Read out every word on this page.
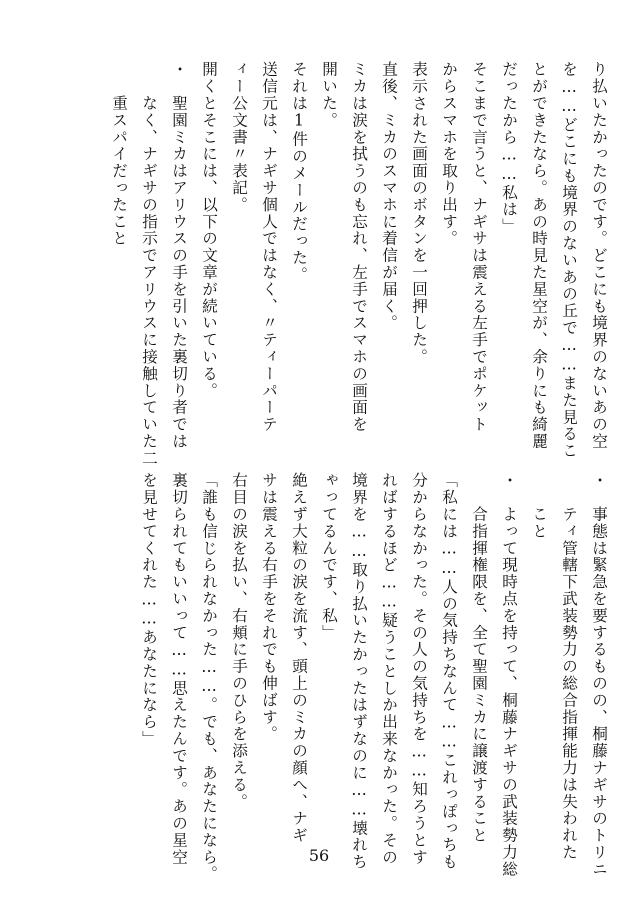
り払いたかったのです。どこにも境界のないあの空
を……どこにも境界のないあの丘で……また見るこ
とができたなら。あの時見た星空が、余りにも綺麗
だったから……私は」
そこまで言うと、ナギサは震える左手でポケット
からスマホを取り出す。
表示された画面のボタンを一回押した。
直後、ミカのスマホに着信が届く。
ミカは涙を拭うのも忘れ、左手でスマホの画面を
開いた。
それは1件のメールだった。
送信元は、ナギサ個人ではなく、〃ティーパーテ
ィー公文書〃表記。
開くとそこには、以下の文章が続いている。
・　聖園ミカはアリウスの手を引いた裏切り者では
　　なく、ナギサの指示でアリウスに接触していた二
　　重スパイだったこと
・　事態は緊急を要するものの、桐藤ナギサのトリニ
　　ティ管轄下武装勢力の総合指揮能力は失われた
　　こと
・　よって現時点を持って、桐藤ナギサの武装勢力総
　　合指揮権限を、全て聖園ミカに譲渡すること
「私には……人の気持ちなんて……これっぽっちも
分からなかった。その人の気持ちを……知ろうとす
ればするほど……疑うことしか出来なかった。その
境界を……取り払いたかったはずなのに……壊れち
ゃってるんです、私」
絶えず大粒の涙を流す、頭上のミカの顔へ、ナギ
サは震える右手をそれでも伸ばす。
右目の涙を払い、右頬に手のひらを添える。
「誰も信じられなかった……。でも、あなたになら。
裏切られてもいいって……思えたんです。あの星空
を見せてくれた……あなたになら」
56
